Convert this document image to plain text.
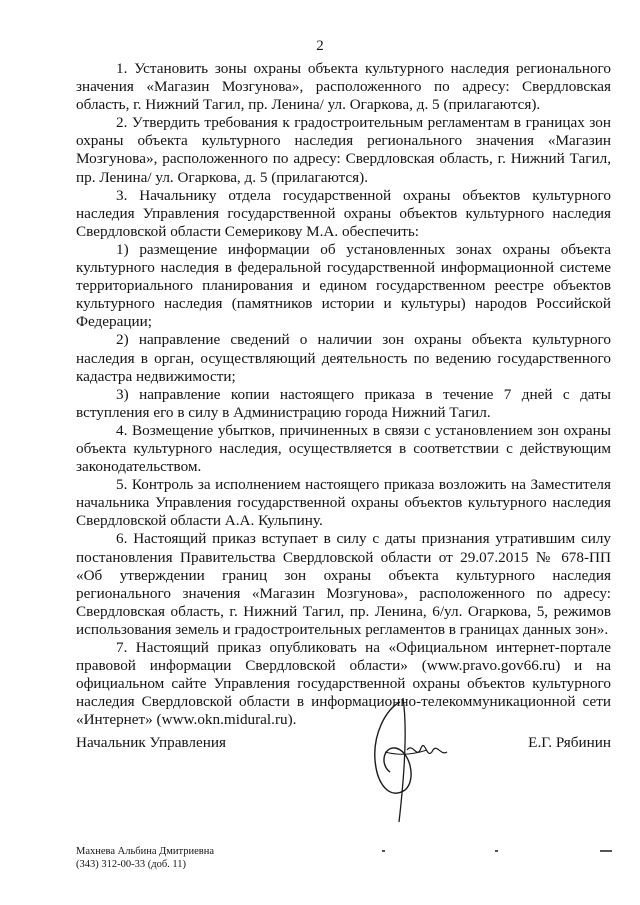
2

1. Установить зоны охраны объекта культурного наследия регионального значения «Магазин Мозгунова», расположенного по адресу: Свердловская область, г. Нижний Тагил, пр. Ленина/ ул. Огаркова, д. 5 (прилагаются).

2. Утвердить требования к градостроительным регламентам в границах зон охраны объекта культурного наследия регионального значения «Магазин Мозгунова», расположенного по адресу: Свердловская область, г. Нижний Тагил, пр. Ленина/ ул. Огаркова, д. 5 (прилагаются).

3. Начальнику отдела государственной охраны объектов культурного наследия Управления государственной охраны объектов культурного наследия Свердловской области Семерикову М.А. обеспечить:

1) размещение информации об установленных зонах охраны объекта культурного наследия в федеральной государственной информационной системе территориального планирования и едином государственном реестре объектов культурного наследия (памятников истории и культуры) народов Российской Федерации;

2) направление сведений о наличии зон охраны объекта культурного наследия в орган, осуществляющий деятельность по ведению государственного кадастра недвижимости;

3) направление копии настоящего приказа в течение 7 дней с даты вступления его в силу в Администрацию города Нижний Тагил.

4. Возмещение убытков, причиненных в связи с установлением зон охраны объекта культурного наследия, осуществляется в соответствии с действующим законодательством.

5. Контроль за исполнением настоящего приказа возложить на Заместителя начальника Управления государственной охраны объектов культурного наследия Свердловской области А.А. Кульпину.

6. Настоящий приказ вступает в силу с даты признания утратившим силу постановления Правительства Свердловской области от 29.07.2015 № 678-ПП «Об утверждении границ зон охраны объекта культурного наследия регионального значения «Магазин Мозгунова», расположенного по адресу: Свердловская область, г. Нижний Тагил, пр. Ленина, 6/ул. Огаркова, 5, режимов использования земель и градостроительных регламентов в границах данных зон».

7. Настоящий приказ опубликовать на «Официальном интернет-портале правовой информации Свердловской области» (www.pravo.gov66.ru) и на официальном сайте Управления государственной охраны объектов культурного наследия Свердловской области в информационно-телекоммуникационной сети «Интернет» (www.okn.midural.ru).

Начальник Управления	Е.Г. Рябинин
Махнева Альбина Дмитриевна
(343) 312-00-33 (доб. 11)
